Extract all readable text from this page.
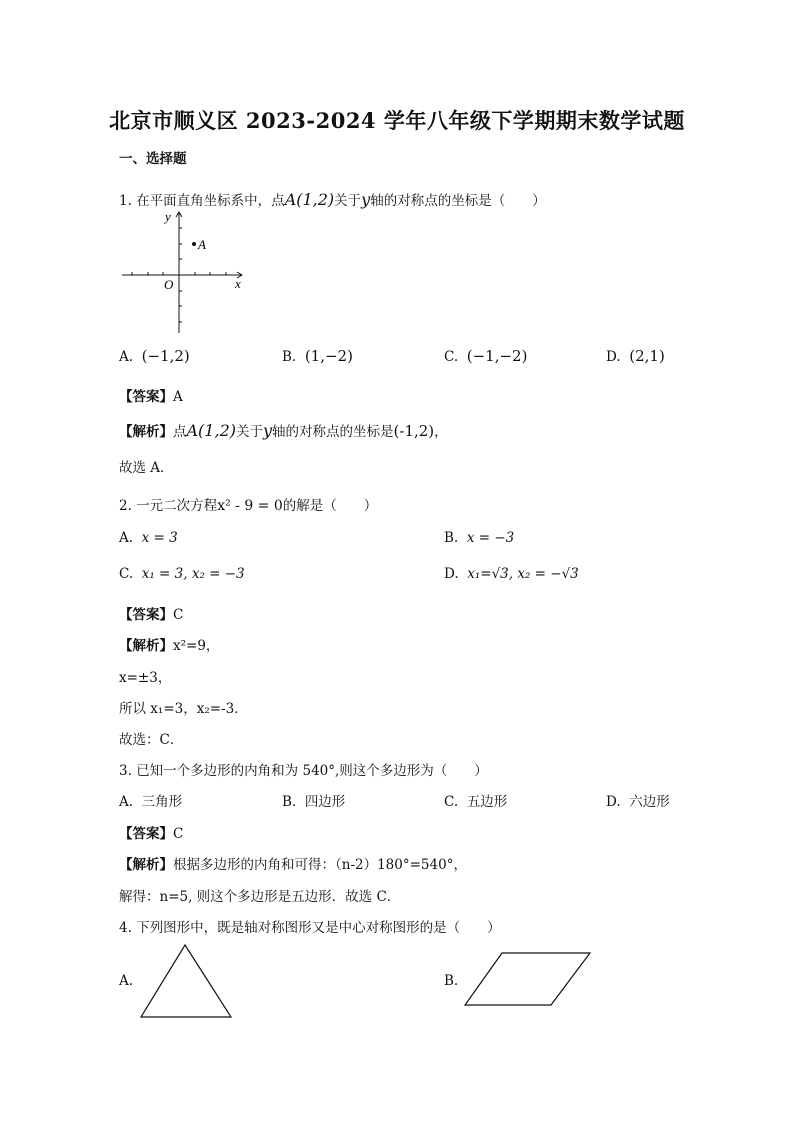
北京市顺义区 2023-2024 学年八年级下学期期末数学试题
一、选择题
1. 在平面直角坐标系中，点A(1,2)关于y轴的对称点的坐标是（　　）
A
y
x
O
A. (−1,2)	B. (1,−2)	C. (−1,−2)	D. (2,1)
【答案】A
【解析】点A(1,2)关于y轴的对称点的坐标是(-1,2)，
故选 A．
2. 一元二次方程x² - 9 = 0的解是（　　）
A. x = 3	B. x = −3
C. x₁ = 3, x₂ = −3	D. x₁=√3, x₂ = −√3
【答案】C
【解析】x²=9，
x=±3，
所以 x₁=3，x₂=-3．
故选：C．
3. 已知一个多边形的内角和为 540°,则这个多边形为（　　）
A. 三角形	B. 四边形	C. 五边形	D. 六边形
【答案】C
【解析】根据多边形的内角和可得：（n-2）180°=540°，
解得：n=5, 则这个多边形是五边形．故选 C．
4. 下列图形中，既是轴对称图形又是中心对称图形的是（　　）
A.	B.
